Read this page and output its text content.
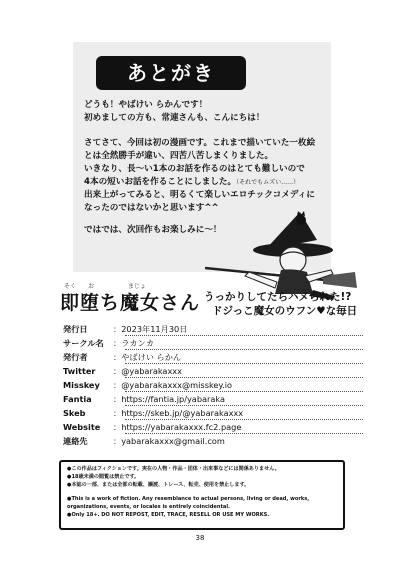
あとがき
どうも！やばけい らかんです！
初めましての方も、常連さんも、こんにちは！
さてさて、今回は初の漫画です。これまで描いていた一枚絵
とは全然勝手が違い、四苦八苦しまくりました。
いきなり、長〜い1本のお話を作るのはとても難しいので
4本の短いお話を作ることにしました。（それでもムズい……）
出来上がってみると、明るくて楽しいエロチックコメディに
なったのではないかと思います^^
ではでは、次回作もお楽しみに〜！
そく お	まじょ
即堕ち魔女さん うっかりしてたらハメられた!?
ドジっこ魔女のウフン♥な毎日
発行日	：2023年11月30日
サークル名	：ラカンカ
発行者	：やばけい らかん
Twitter	：@yabarakaxxx
Misskey	：@yabarakaxxx@misskey.io
Fantia	：https://fantia.jp/yabaraka
Skeb	：https://skeb.jp/@yabarakaxxx
Website	：https://yabarakaxxx.fc2.page
連絡先	：yabarakaxxx@gmail.com
●この作品はフィクションです。実在の人物・作品・団体・出来事などには関係ありません。
●18歳未満の閲覧は禁止です。
●本誌の一部、または全部の転載、譲渡、トレース、転売、使用を禁止します。
●This is a work of fiction. Any resemblance to actual persons, living or dead, works,
organizations, events, or locales is entirely coincidental.
●Only 18+. DO NOT REPOST, EDIT, TRACE, RESELL OR USE MY WORKS.
38
